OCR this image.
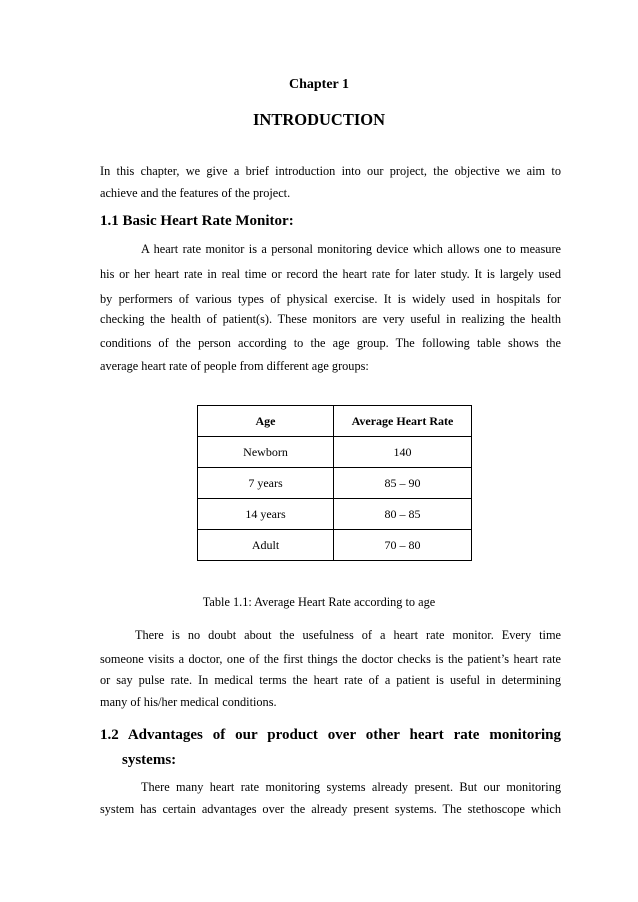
Chapter 1

INTRODUCTION

In this chapter, we give a brief introduction into our project, the objective we aim to

achieve and the features of the project.

1.1 Basic Heart Rate Monitor:

A heart rate monitor is a personal monitoring device which allows one to measure

his or her heart rate in real time or record the heart rate for later study. It is largely used

by performers of various types of physical exercise. It is widely used in hospitals for

checking the health of patient(s). These monitors are very useful in realizing the health

conditions of the person according to the age group. The following table shows the

average heart rate of people from different age groups:

Age	Average Heart Rate
Newborn	140
7 years	85 – 90
14 years	80 – 85
Adult	70 – 80

Table 1.1: Average Heart Rate according to age

There is no doubt about the usefulness of a heart rate monitor. Every time

someone visits a doctor, one of the first things the doctor checks is the patient’s heart rate

or say pulse rate. In medical terms the heart rate of a patient is useful in determining

many of his/her medical conditions.

1.2 Advantages of our product over other heart rate monitoring

systems:

There many heart rate monitoring systems already present. But our monitoring

system has certain advantages over the already present systems. The stethoscope which
